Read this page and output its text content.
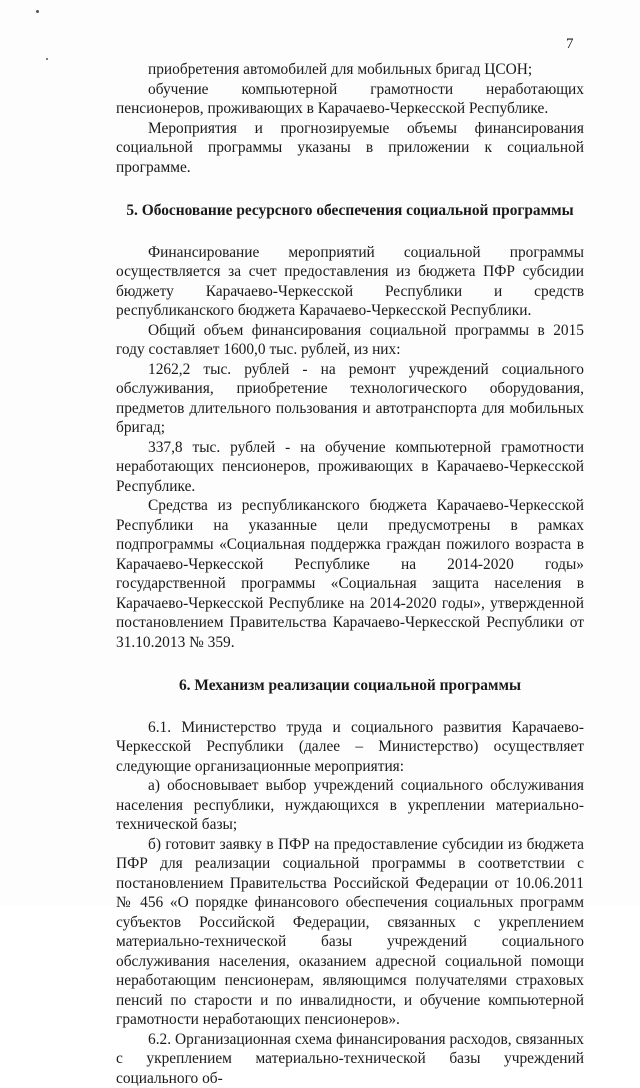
7

приобретения автомобилей для мобильных бригад ЦСОН;

обучение компьютерной грамотности неработающих пенсионеров, проживающих в Карачаево-Черкесской Республике.

Мероприятия и прогнозируемые объемы финансирования социальной программы указаны в приложении к социальной программе.

5. Обоснование ресурсного обеспечения социальной программы

Финансирование мероприятий социальной программы осуществляется за счет предоставления из бюджета ПФР субсидии бюджету Карачаево-Черкесской Республики и средств республиканского бюджета Карачаево-Черкесской Республики.

Общий объем финансирования социальной программы в 2015 году составляет 1600,0 тыс. рублей, из них:

1262,2 тыс. рублей - на ремонт учреждений социального обслуживания, приобретение технологического оборудования, предметов длительного пользования и автотранспорта для мобильных бригад;

337,8 тыс. рублей - на обучение компьютерной грамотности неработающих пенсионеров, проживающих в Карачаево-Черкесской Республике.

Средства из республиканского бюджета Карачаево-Черкесской Республики на указанные цели предусмотрены в рамках подпрограммы «Социальная поддержка граждан пожилого возраста в Карачаево-Черкесской Республике на 2014-2020 годы» государственной программы «Социальная защита населения в Карачаево-Черкесской Республике на 2014-2020 годы», утвержденной постановлением Правительства Карачаево-Черкесской Республики от 31.10.2013 № 359.

6. Механизм реализации социальной программы

6.1. Министерство труда и социального развития Карачаево-Черкесской Республики (далее – Министерство) осуществляет следующие организационные мероприятия:

а) обосновывает выбор учреждений социального обслуживания населения республики, нуждающихся в укреплении материально-технической базы;

б) готовит заявку в ПФР на предоставление субсидии из бюджета ПФР для реализации социальной программы в соответствии с постановлением Правительства Российской Федерации от 10.06.2011 № 456 «О порядке финансового обеспечения социальных программ субъектов Российской Федерации, связанных с укреплением материально-технической базы учреждений социального обслуживания населения, оказанием адресной социальной помощи неработающим пенсионерам, являющимся получателями страховых пенсий по старости и по инвалидности, и обучение компьютерной грамотности неработающих пенсионеров».

6.2. Организационная схема финансирования расходов, связанных с укреплением материально-технической базы учреждений социального об-
